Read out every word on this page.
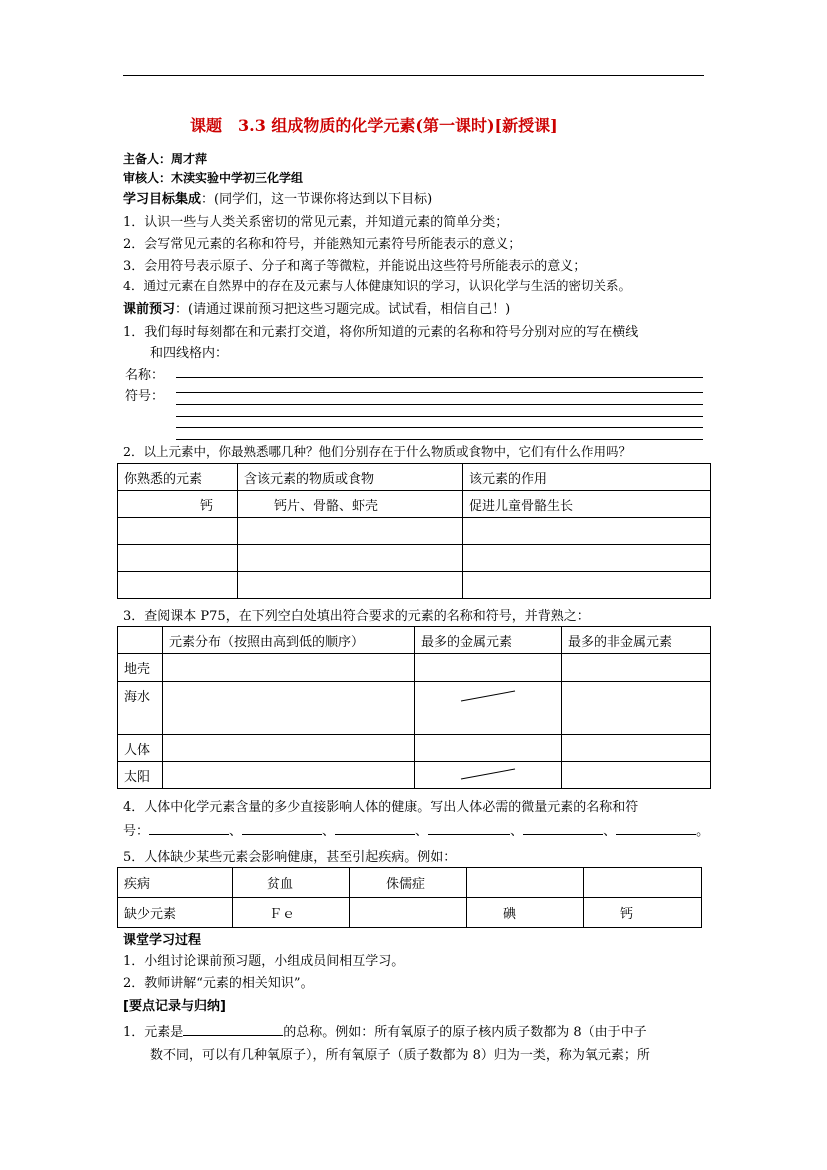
课题　3.3 组成物质的化学元素(第一课时)[新授课]
主备人：周才萍
审核人：木渎实验中学初三化学组
学习目标集成：(同学们，这一节课你将达到以下目标)
1．认识一些与人类关系密切的常见元素，并知道元素的简单分类；
2．会写常见元素的名称和符号，并能熟知元素符号所能表示的意义；
3．会用符号表示原子、分子和离子等微粒，并能说出这些符号所能表示的意义；
4．通过元素在自然界中的存在及元素与人体健康知识的学习，认识化学与生活的密切关系。
课前预习：(请通过课前预习把这些习题完成。试试看，相信自己！)
1．我们每时每刻都在和元素打交道，将你所知道的元素的名称和符号分别对应的写在横线
和四线格内：
名称：
符号：
2．以上元素中，你最熟悉哪几种？他们分别存在于什么物质或食物中，它们有什么作用吗？
你熟悉的元素	含该元素的物质或食物	该元素的作用
钙	钙片、骨骼、虾壳	促进儿童骨骼生长

3．查阅课本 P75，在下列空白处填出符合要求的元素的名称和符号，并背熟之：
	元素分布（按照由高到低的顺序）	最多的金属元素	最多的非金属元素
地壳			
海水		

人体			
太阳		

4．人体中化学元素含量的多少直接影响人体的健康。写出人体必需的微量元素的名称和符
号：	、	、	、	、	、	。
5．人体缺少某些元素会影响健康，甚至引起疾病。例如：
疾病	贫血	侏儒症		
缺少元素	Ｆｅ		碘	钙
课堂学习过程
1．小组讨论课前预习题，小组成员间相互学习。
2．教师讲解“元素的相关知识”。
[要点记录与归纳]
1．元素是	的总称。例如：所有氧原子的原子核内质子数都为 8（由于中子
数不同，可以有几种氧原子），所有氧原子（质子数都为 8）归为一类，称为氧元素；所
